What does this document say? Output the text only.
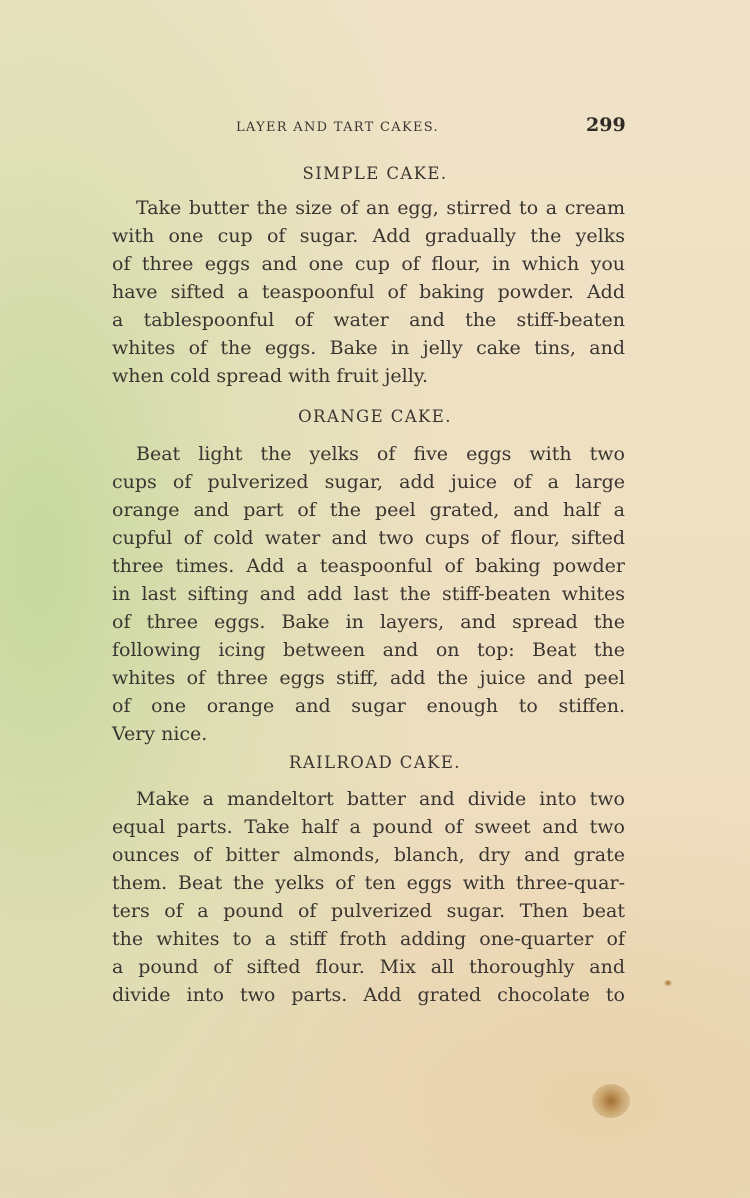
LAYER AND TART CAKES.	299
SIMPLE CAKE.
Take butter the size of an egg, stirred to a cream
with one cup of sugar. Add gradually the yelks
of three eggs and one cup of flour, in which you
have sifted a teaspoonful of baking powder. Add
a tablespoonful of water and the stiff-beaten
whites of the eggs. Bake in jelly cake tins, and
when cold spread with fruit jelly.
ORANGE CAKE.
Beat light the yelks of five eggs with two
cups of pulverized sugar, add juice of a large
orange and part of the peel grated, and half a
cupful of cold water and two cups of flour, sifted
three times. Add a teaspoonful of baking powder
in last sifting and add last the stiff-beaten whites
of three eggs. Bake in layers, and spread the
following icing between and on top: Beat the
whites of three eggs stiff, add the juice and peel
of one orange and sugar enough to stiffen.
Very nice.
RAILROAD CAKE.
Make a mandeltort batter and divide into two
equal parts. Take half a pound of sweet and two
ounces of bitter almonds, blanch, dry and grate
them. Beat the yelks of ten eggs with three-quar-
ters of a pound of pulverized sugar. Then beat
the whites to a stiff froth adding one-quarter of
a pound of sifted flour. Mix all thoroughly and
divide into two parts. Add grated chocolate to
